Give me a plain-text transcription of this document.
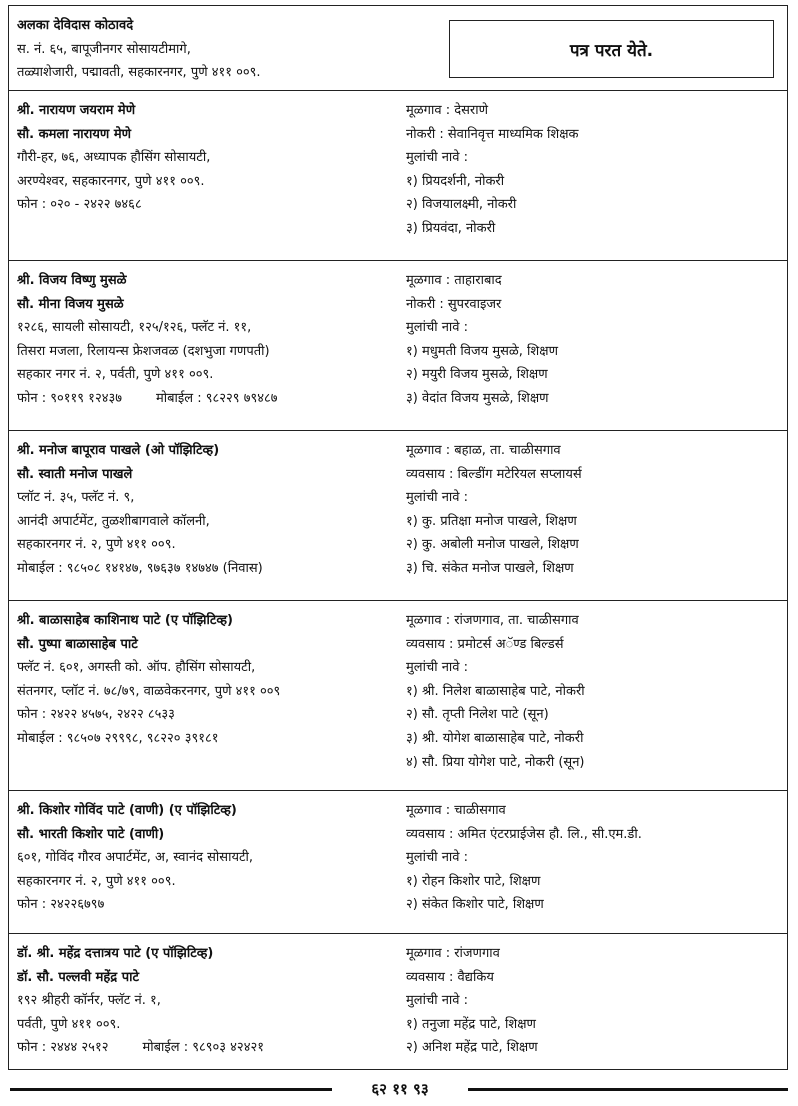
अलका देविदास कोठावदे
स. नं. ६५, बापूजीनगर सोसायटीमागे,
तळ्याशेजारी, पद्मावती, सहकारनगर, पुणे ४११ ००९.
पत्र परत येते.
श्री. नारायण जयराम मेणे
सौ. कमला नारायण मेणे
गौरी-हर, ७६, अध्यापक हौसिंग सोसायटी,
अरण्येश्वर, सहकारनगर, पुणे ४११ ००९.
फोन : ०२० - २४२२ ७४६८
मूळगाव : देसराणे
नोकरी : सेवानिवृत्त माध्यमिक शिक्षक
मुलांची नावे :
१) प्रियदर्शनी, नोकरी
२) विजयालक्ष्मी, नोकरी
३) प्रियवंदा, नोकरी
श्री. विजय विष्णु मुसळे
सौ. मीना विजय मुसळे
१२८६, सायली सोसायटी, १२५/१२६, फ्लॅट नं. ११,
तिसरा मजला, रिलायन्स फ्रेशजवळ (दशभुजा गणपती)
सहकार नगर नं. २, पर्वती, पुणे ४११ ००९.
फोन : ९०११९ १२४३७	मोबाईल : ९८२२९ ७९४८७
मूळगाव : ताहाराबाद
नोकरी : सुपरवाइजर
मुलांची नावे :
१) मधुमती विजय मुसळे, शिक्षण
२) मयुरी विजय मुसळे, शिक्षण
३) वेदांत विजय मुसळे, शिक्षण
श्री. मनोज बापूराव पाखले (ओ पॉझिटिव्ह)
सौ. स्वाती मनोज पाखले
प्लॉट नं. ३५, फ्लॅट नं. ९,
आनंदी अपार्टमेंट, तुळशीबागवाले कॉलनी,
सहकारनगर नं. २, पुणे ४११ ००९.
मोबाईल : ९८५०८ १४१४७, ९७६३७ १४७४७ (निवास)
मूळगाव : बहाळ, ता. चाळीसगाव
व्यवसाय : बिल्डींग मटेरियल सप्लायर्स
मुलांची नावे :
१) कु. प्रतिक्षा मनोज पाखले, शिक्षण
२) कु. अबोली मनोज पाखले, शिक्षण
३) चि. संकेत मनोज पाखले, शिक्षण
श्री. बाळासाहेब काशिनाथ पाटे (ए पॉझिटिव्ह)
सौ. पुष्पा बाळासाहेब पाटे
फ्लॅट नं. ६०१, अगस्ती को. ऑप. हौसिंग सोसायटी,
संतनगर, प्लॉट नं. ७८/७९, वाळवेकरनगर, पुणे ४११ ००९
फोन : २४२२ ४५७५, २४२२ ८५३३
मोबाईल : ९८५०७ २९९९८, ९८२२० ३९१८१
मूळगाव : रांजणगाव, ता. चाळीसगाव
व्यवसाय : प्रमोटर्स अॅण्ड बिल्डर्स
मुलांची नावे :
१) श्री. निलेश बाळासाहेब पाटे, नोकरी
२) सौ. तृप्ती निलेश पाटे (सून)
३) श्री. योगेश बाळासाहेब पाटे, नोकरी
४) सौ. प्रिया योगेश पाटे, नोकरी (सून)
श्री. किशोर गोविंद पाटे (वाणी) (ए पॉझिटिव्ह)
सौ. भारती किशोर पाटे (वाणी)
६०१, गोविंद गौरव अपार्टमेंट, अ, स्वानंद सोसायटी,
सहकारनगर नं. २, पुणे ४११ ००९.
फोन : २४२२६७९७
मूळगाव : चाळीसगाव
व्यवसाय : अमित एंटरप्राईजेस हौ. लि., सी.एम.डी.
मुलांची नावे :
१) रोहन किशोर पाटे, शिक्षण
२) संकेत किशोर पाटे, शिक्षण
डॉ. श्री. महेंद्र दत्तात्रय पाटे (ए पॉझिटिव्ह)
डॉ. सौ. पल्लवी महेंद्र पाटे
१९२ श्रीहरी कॉर्नर, फ्लॅट नं. १,
पर्वती, पुणे ४११ ००९.
फोन : २४४४ २५१२	मोबाईल : ९८९०३ ४२४२१
मूळगाव : रांजणगाव
व्यवसाय : वैद्यकिय
मुलांची नावे :
१) तनुजा महेंद्र पाटे, शिक्षण
२) अनिश महेंद्र पाटे, शिक्षण
६२ ११ ९३
